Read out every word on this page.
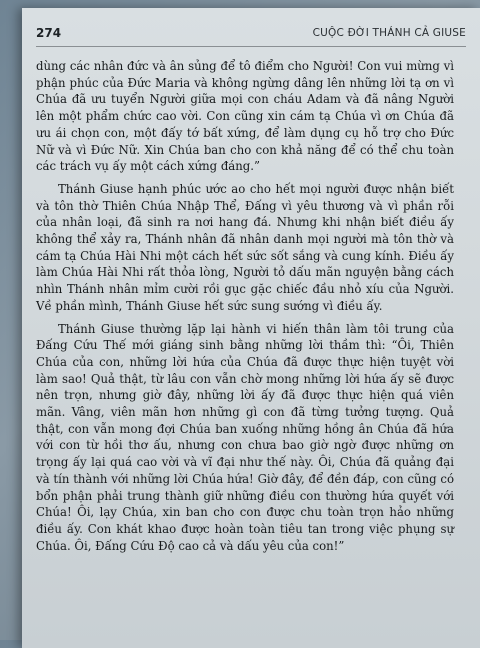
274	CUỘC ĐỜI THÁNH CẢ GIUSE

dùng các nhân đức và ân sủng để tô điểm cho Người! Con vui mừng vì phận phúc của Đức Maria và không ngừng dâng lên những lời tạ ơn vì Chúa đã ưu tuyển Người giữa mọi con cháu Adam và đã nâng Người lên một phẩm chức cao vời. Con cũng xin cám tạ Chúa vì ơn Chúa đã ưu ái chọn con, một đấy tớ bất xứng, để làm dụng cụ hỗ trợ cho Đức Nữ và vì Đức Nữ. Xin Chúa ban cho con khả năng để có thể chu toàn các trách vụ ấy một cách xứng đáng.”

Thánh Giuse hạnh phúc ước ao cho hết mọi người được nhận biết và tôn thờ Thiên Chúa Nhập Thể, Đấng vì yêu thương và vì phần rỗi của nhân loại, đã sinh ra nơi hang đá. Nhưng khi nhận biết điều ấy không thể xảy ra, Thánh nhân đã nhân danh mọi người mà tôn thờ và cám tạ Chúa Hài Nhi một cách hết sức sốt sắng và cung kính. Điều ấy làm Chúa Hài Nhi rất thỏa lòng, Người tỏ dấu mãn nguyện bằng cách nhìn Thánh nhân mỉm cười rồi gục gặc chiếc đầu nhỏ xíu của Người. Về phần mình, Thánh Giuse hết sức sung sướng vì điều ấy.

Thánh Giuse thường lặp lại hành vi hiến thân làm tôi trung của Đấng Cứu Thế mới giáng sinh bằng những lời thầm thì: “Ôi, Thiên Chúa của con, những lời hứa của Chúa đã được thực hiện tuyệt vời làm sao! Quả thật, từ lâu con vẫn chờ mong những lời hứa ấy sẽ được nên trọn, nhưng giờ đây, những lời ấy đã được thực hiện quá viên mãn. Vâng, viên mãn hơn những gì con đã từng tưởng tượng. Quả thật, con vẫn mong đợi Chúa ban xuống những hồng ân Chúa đã hứa với con từ hồi thơ ấu, nhưng con chưa bao giờ ngờ được những ơn trọng ấy lại quá cao vời và vĩ đại như thế này. Ôi, Chúa đã quảng đại và tín thành với những lời Chúa hứa! Giờ đây, để đền đáp, con cũng có bổn phận phải trung thành giữ những điều con thường hứa quyết với Chúa! Ôi, lạy Chúa, xin ban cho con được chu toàn trọn hảo những điều ấy. Con khát khao được hoàn toàn tiêu tan trong việc phụng sự Chúa. Ôi, Đấng Cứu Độ cao cả và dấu yêu của con!”
